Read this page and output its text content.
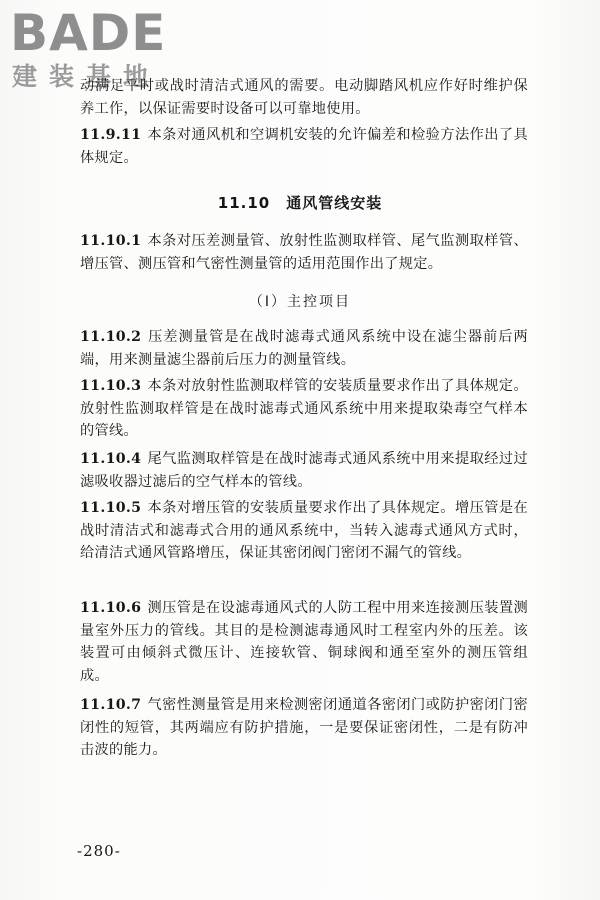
BADE
建装基地
动满足平时或战时清洁式通风的需要。电动脚踏风机应作好时维护保养工作，以保证需要时设备可以可靠地使用。
11.9.11 本条对通风机和空调机安装的允许偏差和检验方法作出了具体规定。
11.10　通风管线安装
11.10.1 本条对压差测量管、放射性监测取样管、尾气监测取样管、增压管、测压管和气密性测量管的适用范围作出了规定。
（Ⅰ）主控项目
11.10.2 压差测量管是在战时滤毒式通风系统中设在滤尘器前后两端，用来测量滤尘器前后压力的测量管线。
11.10.3 本条对放射性监测取样管的安装质量要求作出了具体规定。放射性监测取样管是在战时滤毒式通风系统中用来提取染毒空气样本的管线。
11.10.4 尾气监测取样管是在战时滤毒式通风系统中用来提取经过过滤吸收器过滤后的空气样本的管线。
11.10.5 本条对增压管的安装质量要求作出了具体规定。增压管是在战时清洁式和滤毒式合用的通风系统中，当转入滤毒式通风方式时，给清洁式通风管路增压，保证其密闭阀门密闭不漏气的管线。
11.10.6 测压管是在设滤毒通风式的人防工程中用来连接测压装置测量室外压力的管线。其目的是检测滤毒通风时工程室内外的压差。该装置可由倾斜式微压计、连接软管、铜球阀和通至室外的测压管组成。
11.10.7 气密性测量管是用来检测密闭通道各密闭门或防护密闭门密闭性的短管，其两端应有防护措施，一是要保证密闭性，二是有防冲击波的能力。
-280-
